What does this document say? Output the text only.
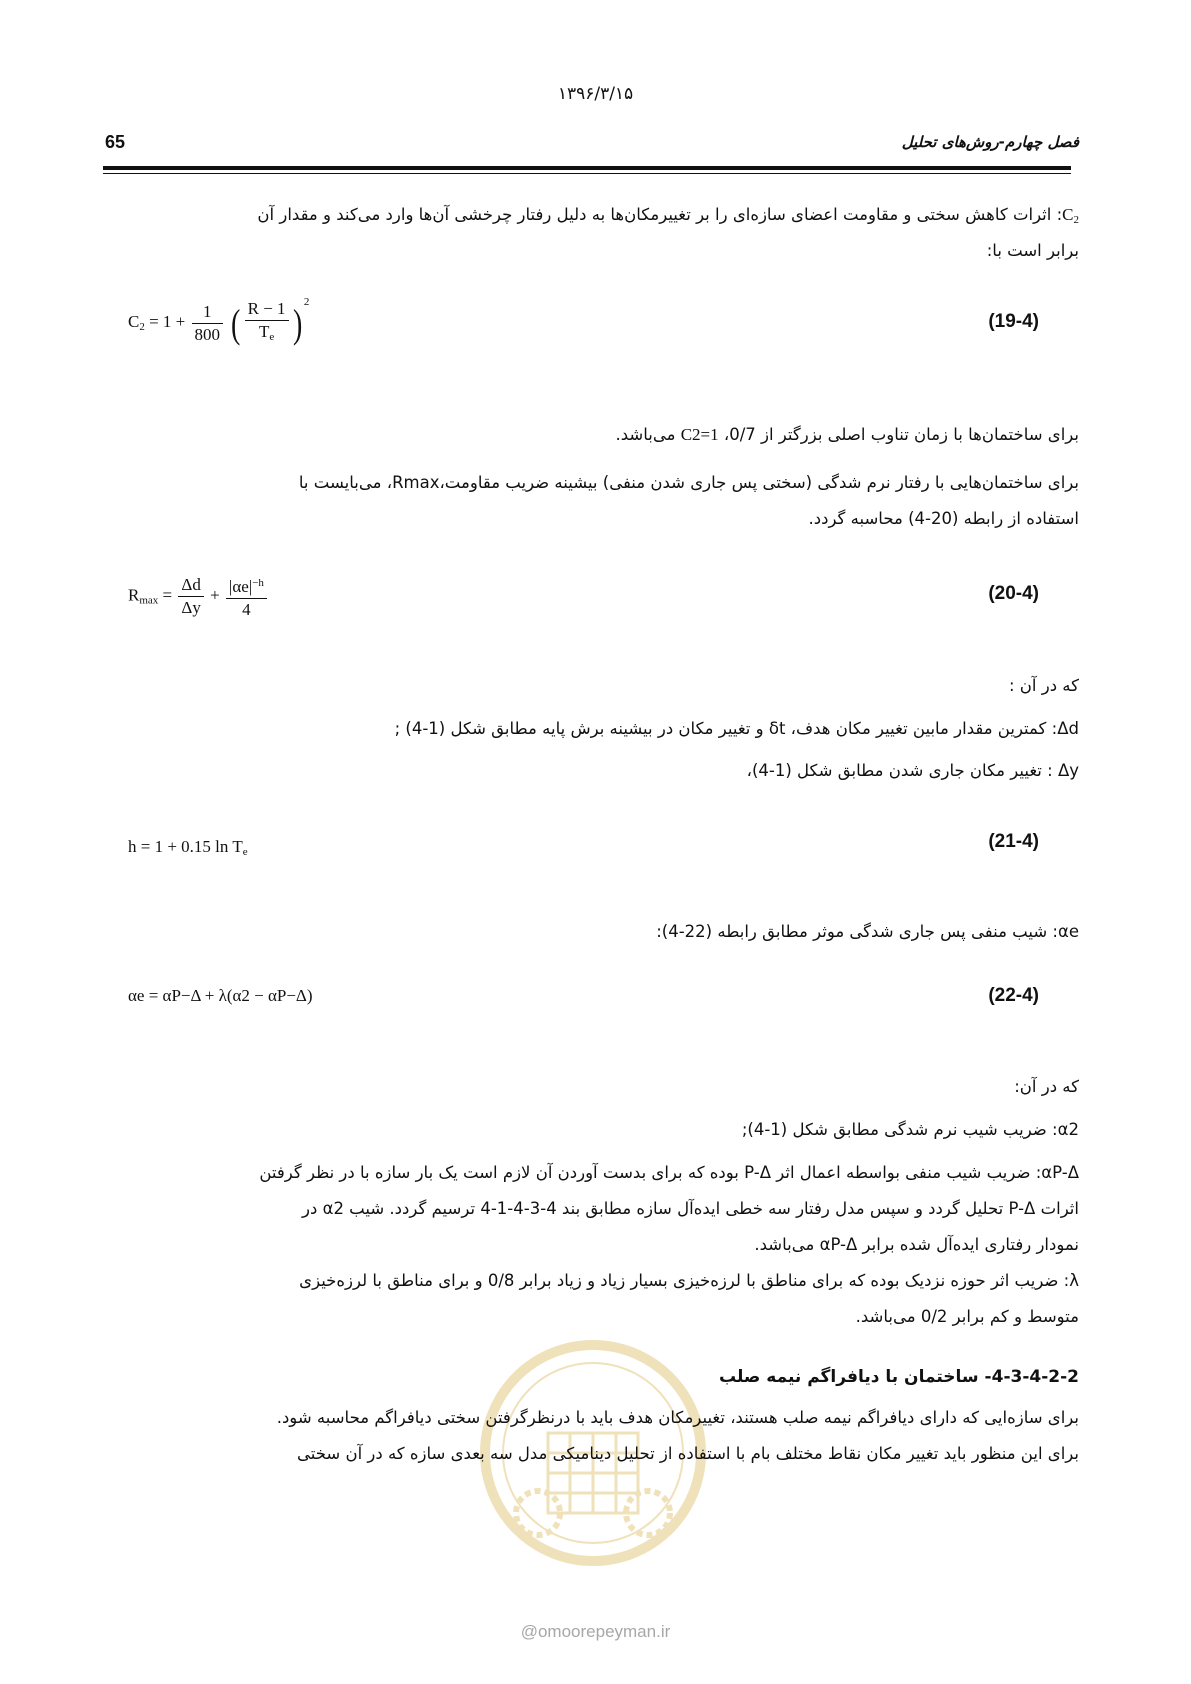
۱۳۹۶/۳/۱۵
65	فصل چهارم-روش‌های تحلیل
$C_2$: اثرات کاهش سختی و مقاومت اعضای سازه‌ای را بر تغییرمکان‌ها به دلیل رفتار چرخشی آن‌ها وارد می‌کند و مقدار آن
برابر است با:
$C_2 = 1 + \frac{1}{800}$ ( $\frac{R - 1}{T_e}$ ) $^2$
(19-4)
برای ساختمان‌ها با زمان تناوب اصلی بزرگتر از 0/7، C2=1 می‌باشد.
برای ساختمان‌هایی با رفتار نرم شدگی (سختی پس جاری شدن منفی) بیشینه ضریب مقاومت،Rmax، می‌بایست با
استفاده از رابطه (20-4) محاسبه گردد.
$R_{max} = \frac{\Delta d}{\Delta y} + \frac{|\alpha e|^{-h}}{4}$	(20-4)
که در آن :
Δd: کمترین مقدار مابین تغییر مکان هدف، δt و تغییر مکان در بیشینه برش پایه مطابق شکل (1-4) ;
Δy : تغییر مکان جاری شدن مطابق شکل (1-4)،
h = 1 + 0.15 $\ln T_e$	(21-4)
αe: شیب منفی پس جاری شدگی موثر مطابق رابطه (22-4):
αe = αP−Δ + λ(α2 − αP−Δ)	(22-4)
که در آن:
α2: ضریب شیب نرم شدگی مطابق شکل (1-4);
αP-Δ: ضریب شیب منفی بواسطه اعمال اثر P-Δ بوده که برای بدست آوردن آن لازم است یک بار سازه با در نظر گرفتن
اثرات P-Δ تحلیل گردد و سپس مدل رفتار سه خطی ایده‌آل سازه مطابق بند 4-3-4-1-4 ترسیم گردد. شیب α2 در
نمودار رفتاری ایده‌آل شده برابر αP-Δ می‌باشد.
λ: ضریب اثر حوزه نزدیک بوده که برای مناطق با لرزه‌خیزی بسیار زیاد و زیاد برابر 0/8 و برای مناطق با لرزه‌خیزی
متوسط و کم برابر 0/2 می‌باشد.
4-3-4-2-2- ساختمان با دیافراگم نیمه صلب
برای سازه‌ایی که دارای دیافراگم نیمه صلب هستند، تغییرمکان هدف باید با درنظرگرفتن سختی دیافراگم محاسبه شود.
برای این منظور باید تغییر مکان نقاط مختلف بام با استفاده از تحلیل دینامیکی مدل سه بعدی سازه که در آن سختی
@omoorepeyman.ir
